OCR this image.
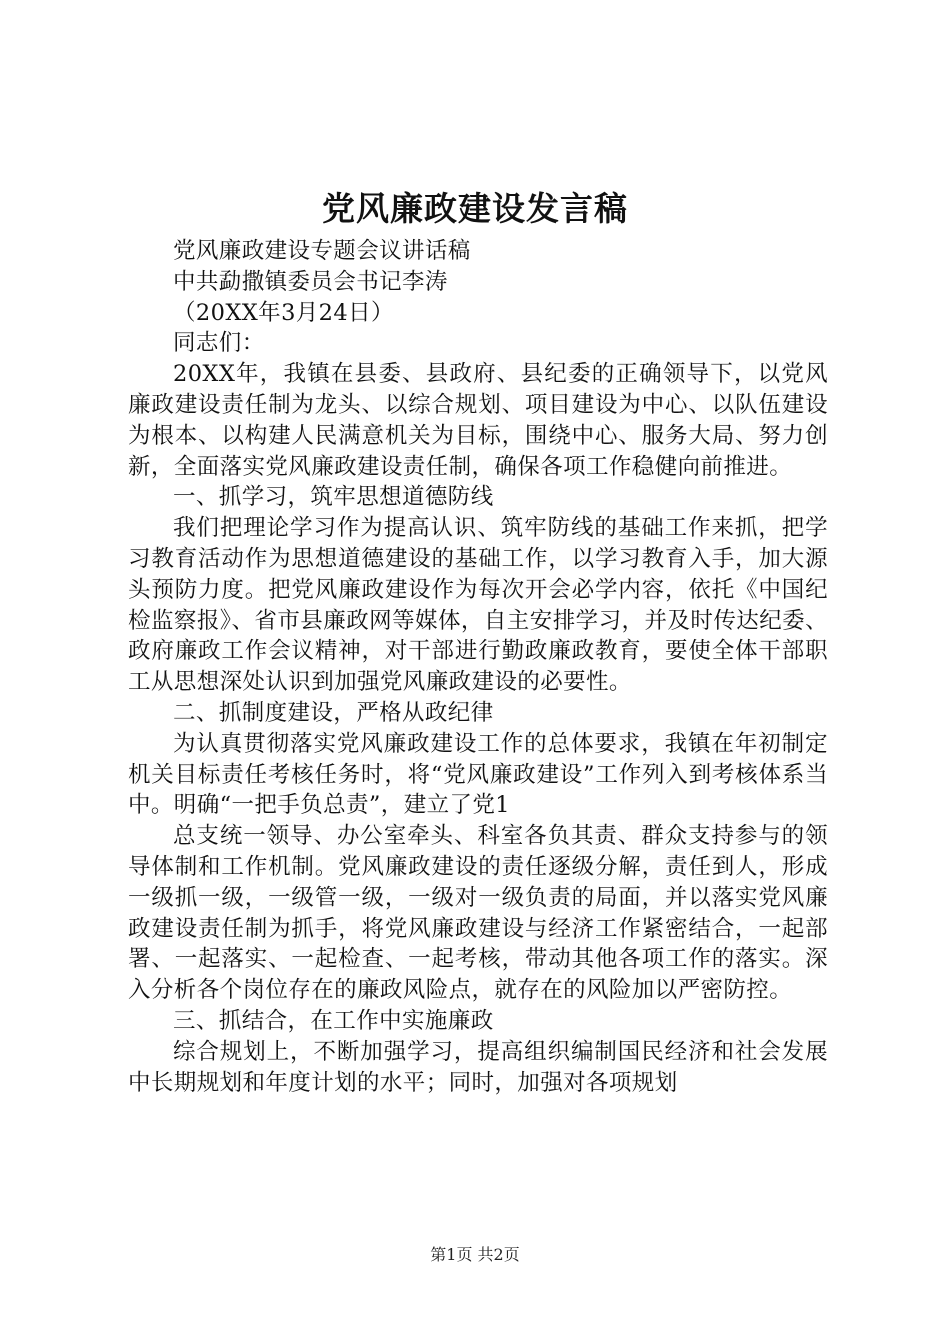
党风廉政建设发言稿

党风廉政建设专题会议讲话稿

中共勐撒镇委员会书记李涛

（20XX年3月24日）

同志们：

20XX年，我镇在县委、县政府、县纪委的正确领导下，以党风廉政建设责任制为龙头、以综合规划、项目建设为中心、以队伍建设为根本、以构建人民满意机关为目标，围绕中心、服务大局、努力创新，全面落实党风廉政建设责任制，确保各项工作稳健向前推进。

一、抓学习，筑牢思想道德防线

我们把理论学习作为提高认识、筑牢防线的基础工作来抓，把学习教育活动作为思想道德建设的基础工作，以学习教育入手，加大源头预防力度。把党风廉政建设作为每次开会必学内容，依托《中国纪检监察报》、省市县廉政网等媒体，自主安排学习，并及时传达纪委、政府廉政工作会议精神，对干部进行勤政廉政教育，要使全体干部职工从思想深处认识到加强党风廉政建设的必要性。

二、抓制度建设，严格从政纪律

为认真贯彻落实党风廉政建设工作的总体要求，我镇在年初制定机关目标责任考核任务时，将“党风廉政建设”工作列入到考核体系当中。明确“一把手负总责”，建立了党1

总支统一领导、办公室牵头、科室各负其责、群众支持参与的领导体制和工作机制。党风廉政建设的责任逐级分解，责任到人，形成一级抓一级，一级管一级，一级对一级负责的局面，并以落实党风廉政建设责任制为抓手，将党风廉政建设与经济工作紧密结合，一起部署、一起落实、一起检查、一起考核，带动其他各项工作的落实。深入分析各个岗位存在的廉政风险点，就存在的风险加以严密防控。

三、抓结合，在工作中实施廉政

综合规划上，不断加强学习，提高组织编制国民经济和社会发展中长期规划和年度计划的水平；同时，加强对各项规划

第1页 共2页
